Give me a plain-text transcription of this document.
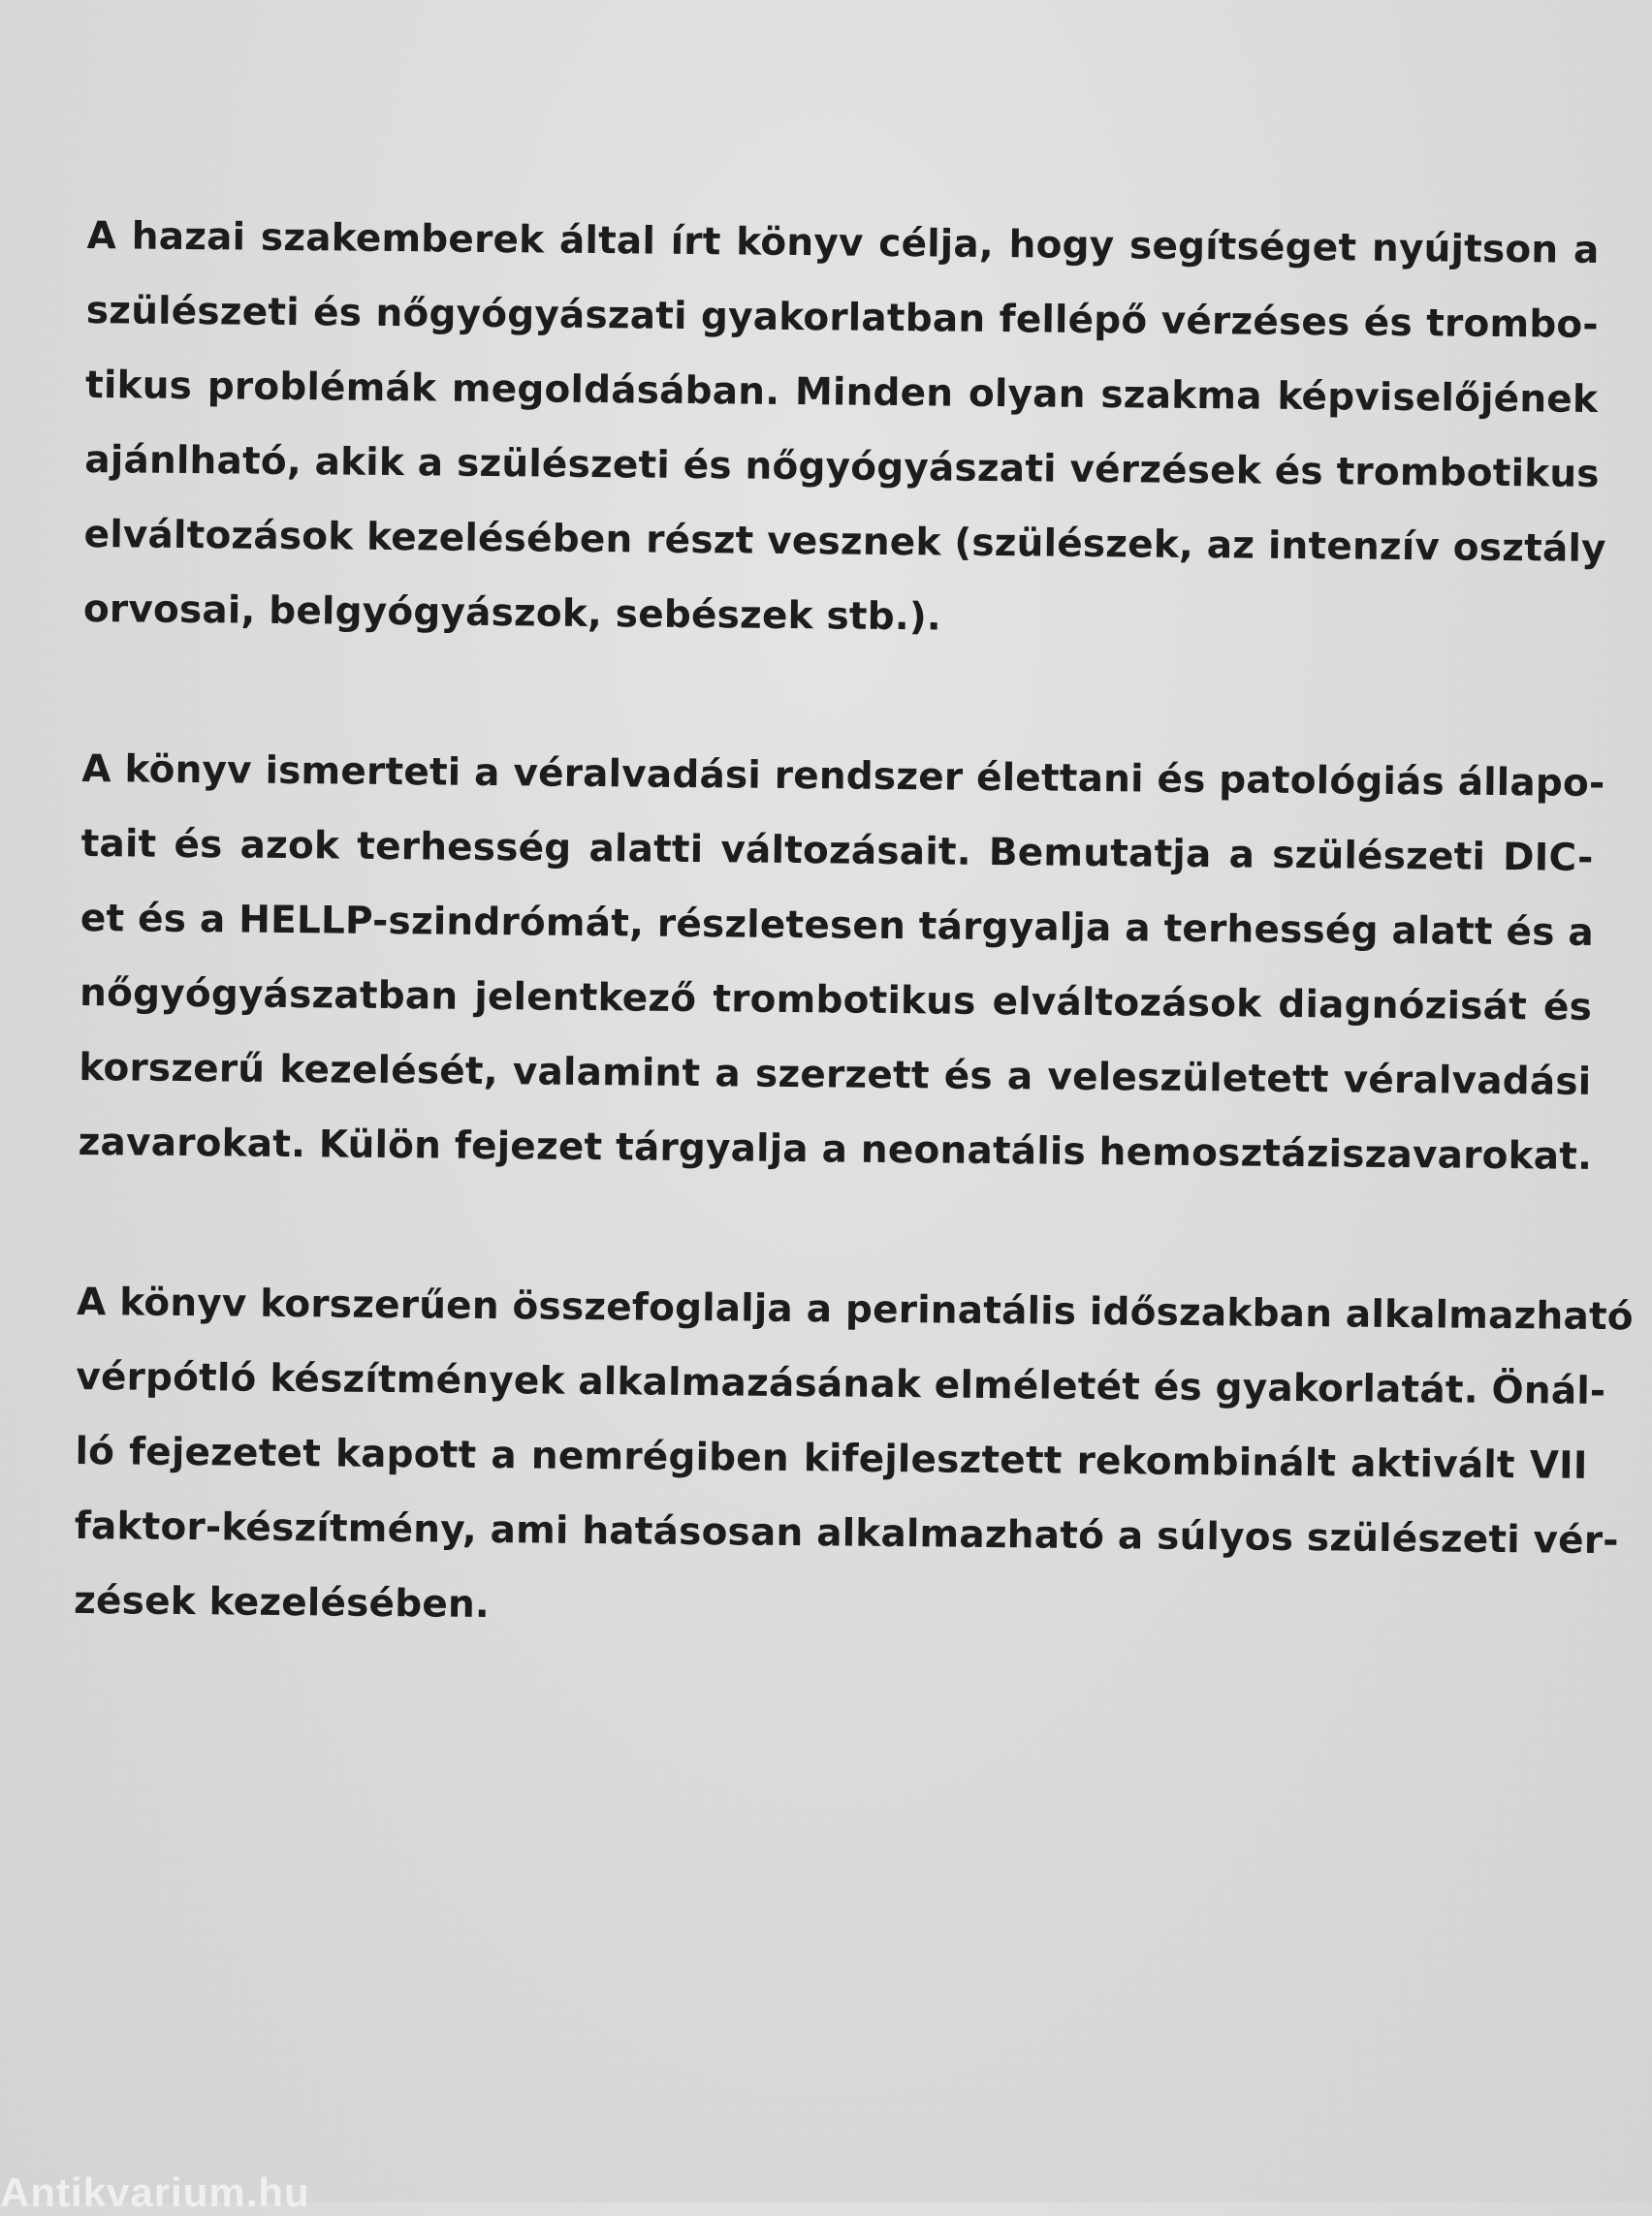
A hazai szakemberek által írt könyv célja, hogy segítséget nyújtson a
szülészeti és nőgyógyászati gyakorlatban fellépő vérzéses és trombo-
tikus problémák megoldásában. Minden olyan szakma képviselőjének
ajánlható, akik a szülészeti és nőgyógyászati vérzések és trombotikus
elváltozások kezelésében részt vesznek (szülészek, az intenzív osztály
orvosai, belgyógyászok, sebészek stb.).

A könyv ismerteti a véralvadási rendszer élettani és patológiás állapo-
tait és azok terhesség alatti változásait. Bemutatja a szülészeti DIC-
et és a HELLP-szindrómát, részletesen tárgyalja a terhesség alatt és a
nőgyógyászatban jelentkező trombotikus elváltozások diagnózisát és
korszerű kezelését, valamint a szerzett és a veleszületett véralvadási
zavarokat. Külön fejezet tárgyalja a neonatális hemosztáziszavarokat.

A könyv korszerűen összefoglalja a perinatális időszakban alkalmazható
vérpótló készítmények alkalmazásának elméletét és gyakorlatát. Önál-
ló fejezetet kapott a nemrégiben kifejlesztett rekombinált aktivált VII
faktor-készítmény, ami hatásosan alkalmazható a súlyos szülészeti vér-
zések kezelésében.

Antikvarium.hu
